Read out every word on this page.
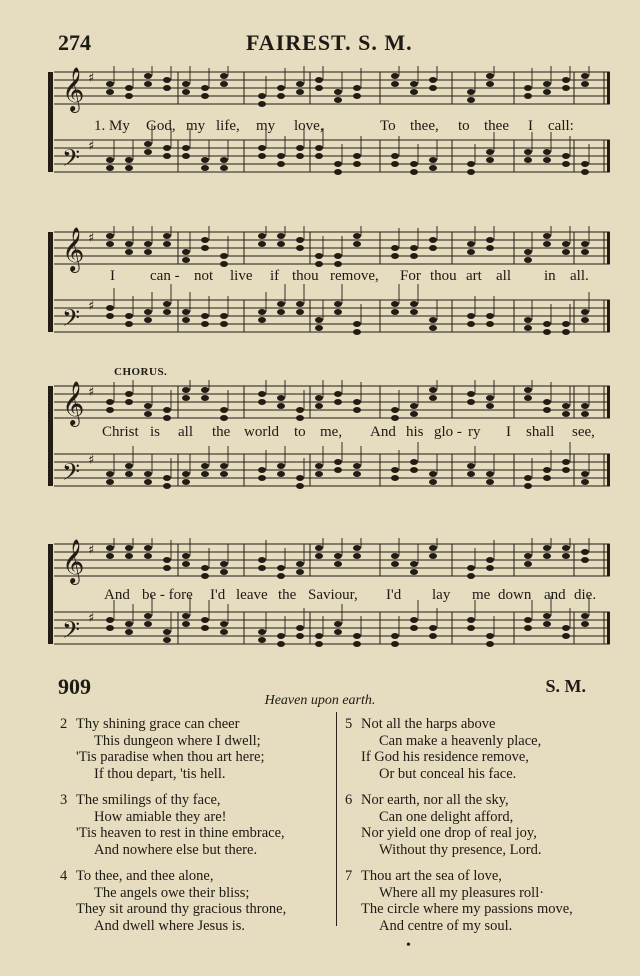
274	FAIREST. S. M.
𝄞 ♯
𝄢 ♯
1. My God, my life, my love,	To thee, to thee I call:
𝄞 ♯
𝄢 ♯
I can - not live if thou remove, For thou art all in all.
𝄞 ♯
𝄢 ♯
CHORUS.
Christ is all the world to me, And his glo - ry I shall see,
𝄞 ♯
𝄢 ♯
And be - fore I'd leave the Saviour, I'd lay me down and die.
909	S. M.
Heaven upon earth.
2 Thy shining grace can cheer
This dungeon where I dwell;
'Tis paradise when thou art here;
If thou depart, 'tis hell.
3 The smilings of thy face,
How amiable they are!
'Tis heaven to rest in thine embrace,
And nowhere else but there.
4 To thee, and thee alone,
The angels owe their bliss;
They sit around thy gracious throne,
And dwell where Jesus is.
5 Not all the harps above
Can make a heavenly place,
If God his residence remove,
Or but conceal his face.
6 Nor earth, nor all the sky,
Can one delight afford,
Nor yield one drop of real joy,
Without thy presence, Lord.
7 Thou art the sea of love,
Where all my pleasures roll·
The circle where my passions move,
And centre of my soul.
•
